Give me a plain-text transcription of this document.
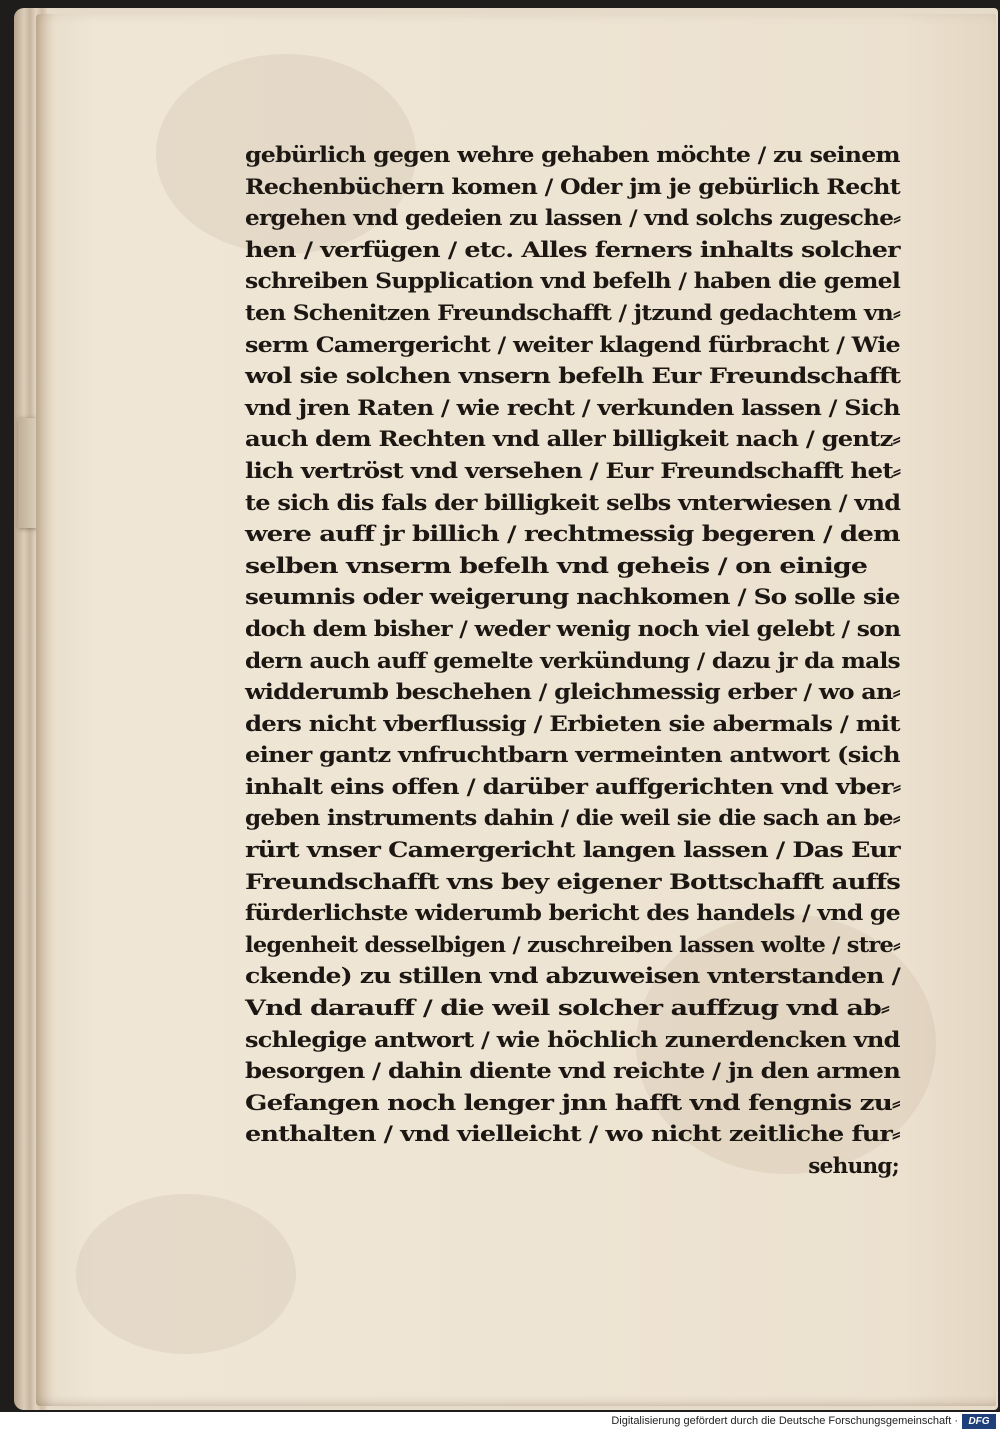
gebürlich gegen wehre gehaben möchte / zu seinem
Rechenbüchern komen / Oder jm je gebürlich Recht
ergehen vnd gedeien zu lassen / vnd solchs zugesche⸗
hen / verfügen / etc. Alles ferners inhalts solcher
schreiben Supplication vnd befelh / haben die gemel
ten Schenitzen Freundschafft / jtzund gedachtem vn⸗
serm Camergericht / weiter klagend fürbracht / Wie
wol sie solchen vnsern befelh Eur Freundschafft
vnd jren Raten / wie recht / verkunden lassen / Sich
auch dem Rechten vnd aller billigkeit nach / gentz⸗
lich vertröst vnd versehen / Eur Freundschafft het⸗
te sich dis fals der billigkeit selbs vnterwiesen / vnd
were auff jr billich / rechtmessig begeren / dem
selben vnserm befelh vnd geheis / on einige
seumnis oder weigerung nachkomen / So solle sie
doch dem bisher / weder wenig noch viel gelebt / son
dern auch auff gemelte verkündung / dazu jr da mals
widderumb beschehen / gleichmessig erber / wo an⸗
ders nicht vberflussig / Erbieten sie abermals / mit
einer gantz vnfruchtbarn vermeinten antwort (sich
inhalt eins offen / darüber auffgerichten vnd vber⸗
geben instruments dahin / die weil sie die sach an be⸗
rürt vnser Camergericht langen lassen / Das Eur
Freundschafft vns bey eigener Bottschafft auffs
fürderlichste widerumb bericht des handels / vnd ge
legenheit desselbigen / zuschreiben lassen wolte / stre⸗
ckende) zu stillen vnd abzuweisen vnterstanden /
Vnd darauff / die weil solcher auffzug vnd ab⸗
schlegige antwort / wie höchlich zunerdencken vnd
besorgen / dahin diente vnd reichte / jn den armen
Gefangen noch lenger jnn hafft vnd fengnis zu⸗
enthalten / vnd vielleicht / wo nicht zeitliche fur⸗
sehung;
Digitalisierung gefördert durch die Deutsche Forschungsgemeinschaft ·	DFG
